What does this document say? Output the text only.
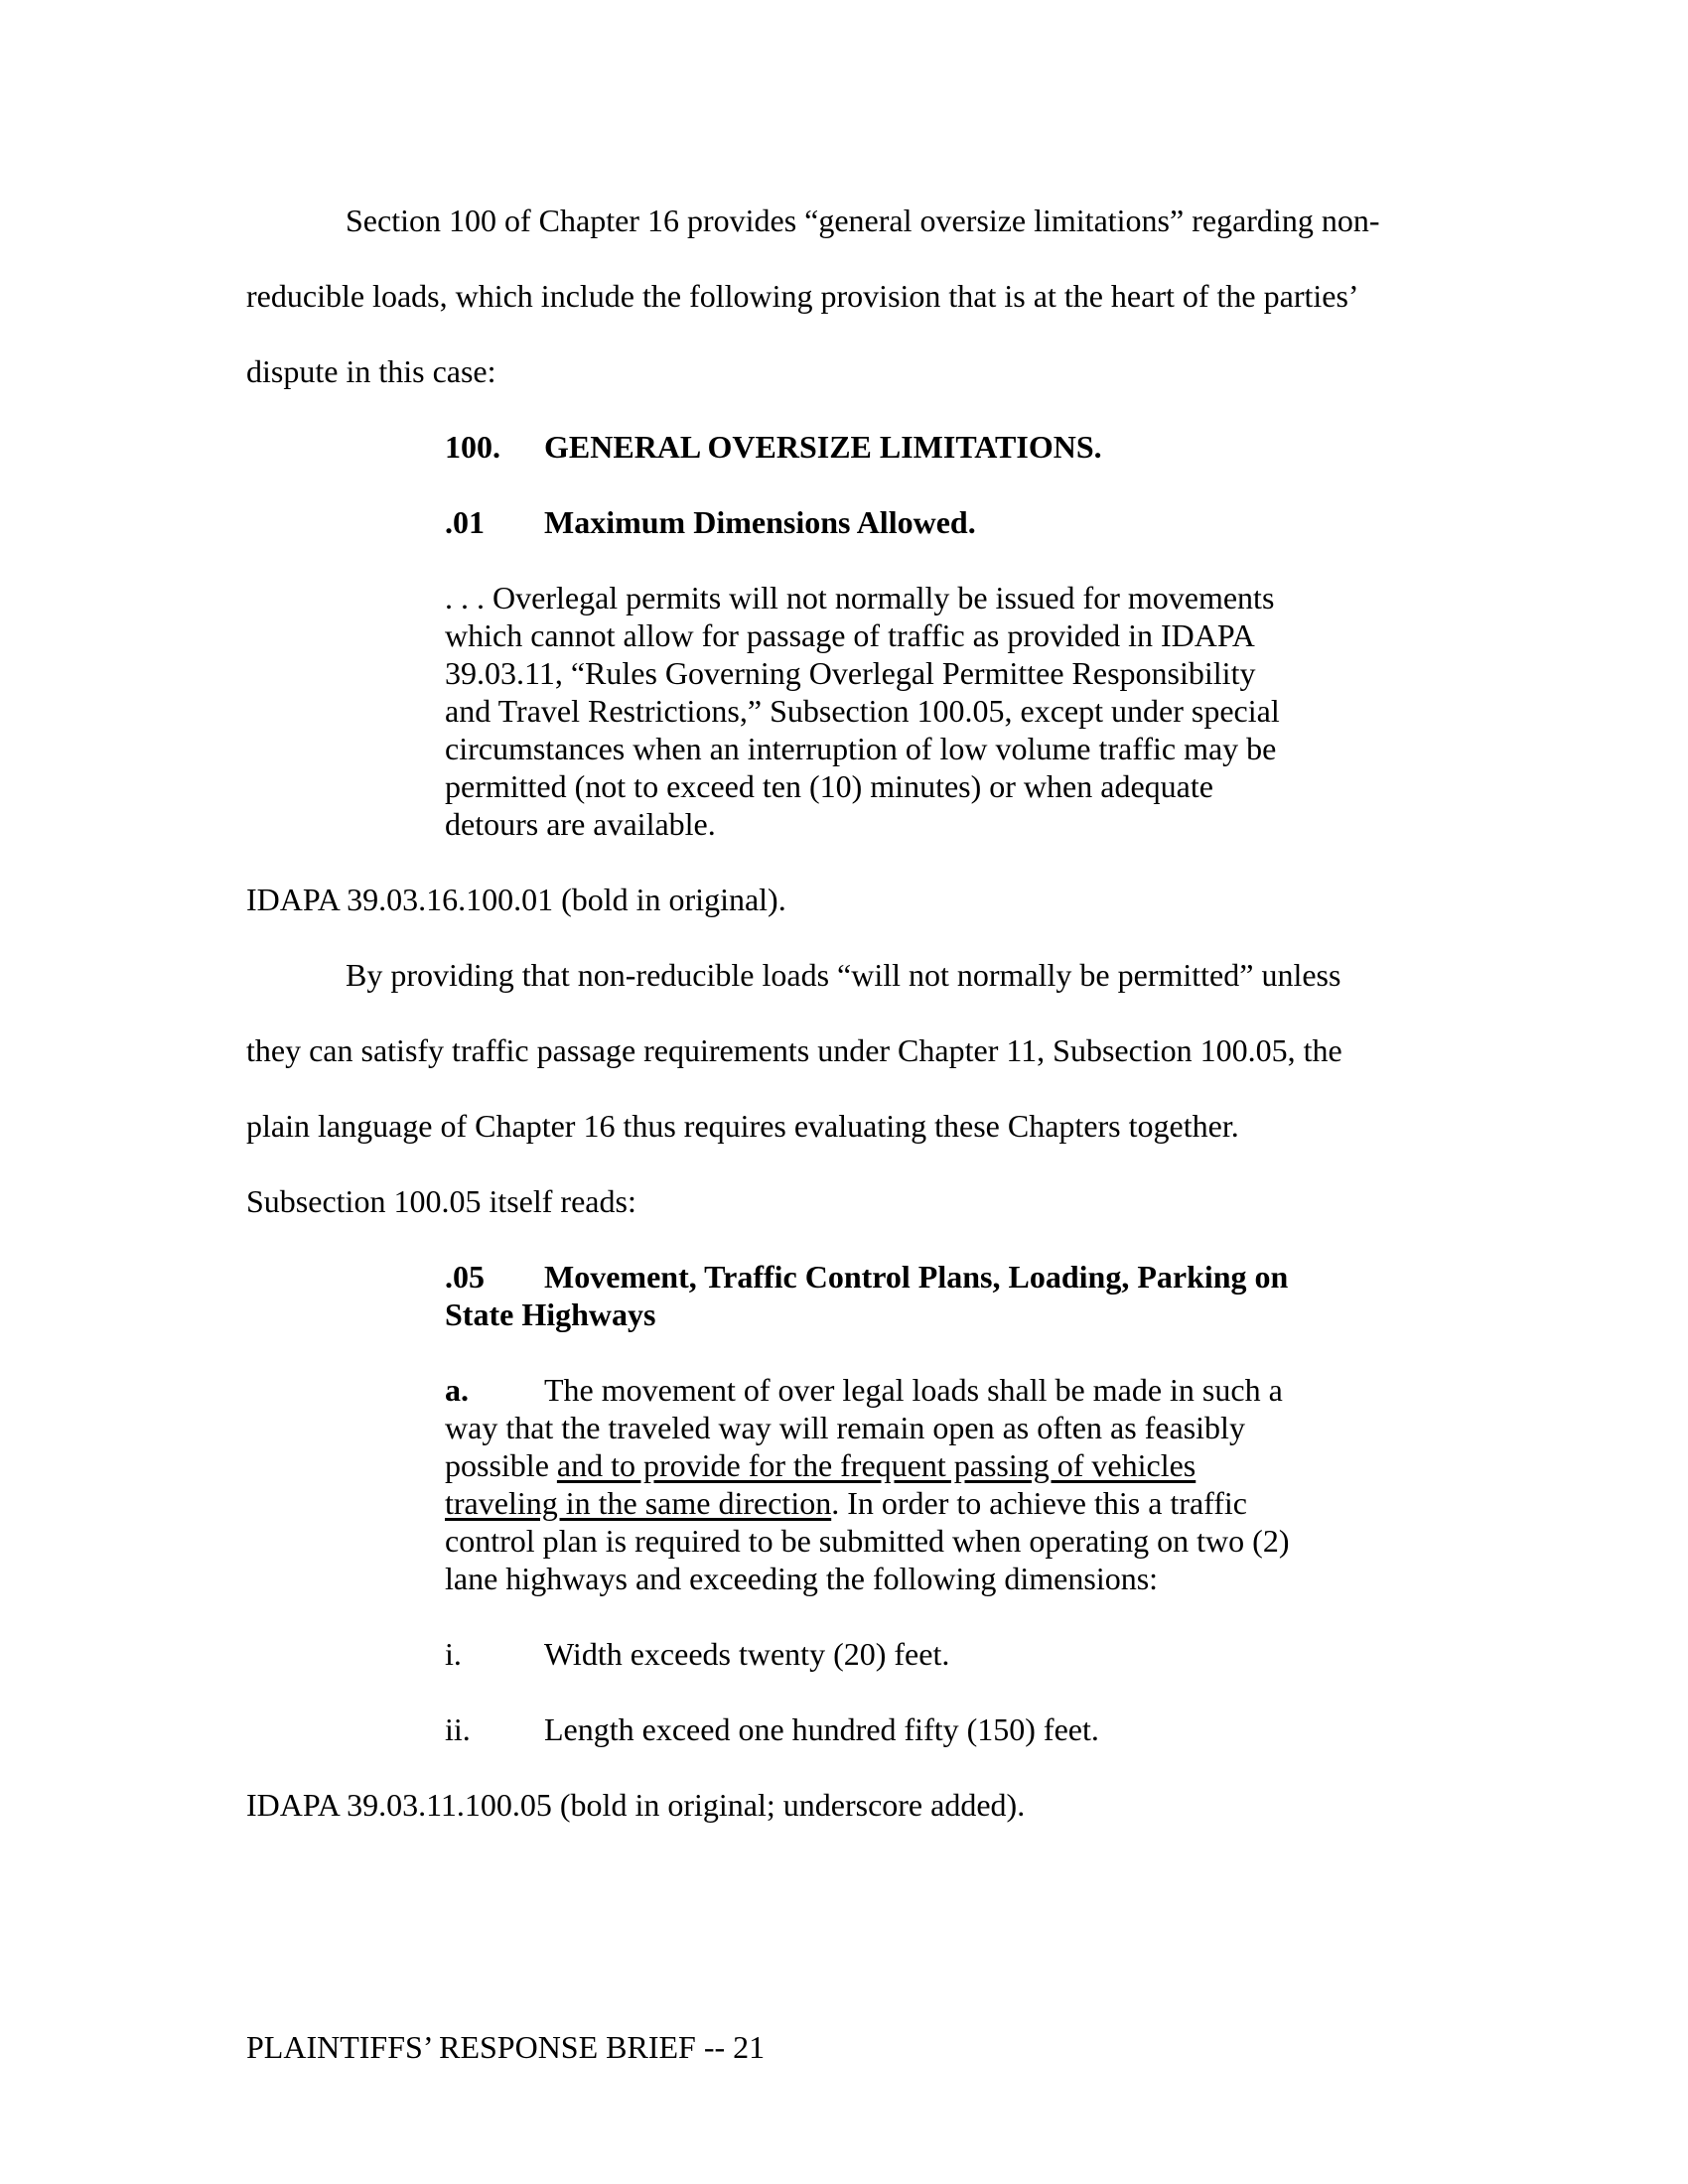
Section 100 of Chapter 16 provides “general oversize limitations” regarding non-
reducible loads, which include the following provision that is at the heart of the parties’
dispute in this case:
100. GENERAL OVERSIZE LIMITATIONS.
.01 Maximum Dimensions Allowed.
. . . Overlegal permits will not normally be issued for movements
which cannot allow for passage of traffic as provided in IDAPA
39.03.11, “Rules Governing Overlegal Permittee Responsibility
and Travel Restrictions,” Subsection 100.05, except under special
circumstances when an interruption of low volume traffic may be
permitted (not to exceed ten (10) minutes) or when adequate
detours are available.
IDAPA 39.03.16.100.01 (bold in original).
By providing that non-reducible loads “will not normally be permitted” unless
they can satisfy traffic passage requirements under Chapter 11, Subsection 100.05, the
plain language of Chapter 16 thus requires evaluating these Chapters together.
Subsection 100.05 itself reads:
.05 Movement, Traffic Control Plans, Loading, Parking on
State Highways
a. The movement of over legal loads shall be made in such a
way that the traveled way will remain open as often as feasibly
possible and to provide for the frequent passing of vehicles
traveling in the same direction. In order to achieve this a traffic
control plan is required to be submitted when operating on two (2)
lane highways and exceeding the following dimensions:
i.	Width exceeds twenty (20) feet.
ii. Length exceed one hundred fifty (150) feet.
IDAPA 39.03.11.100.05 (bold in original; underscore added).
PLAINTIFFS’ RESPONSE BRIEF -- 21
